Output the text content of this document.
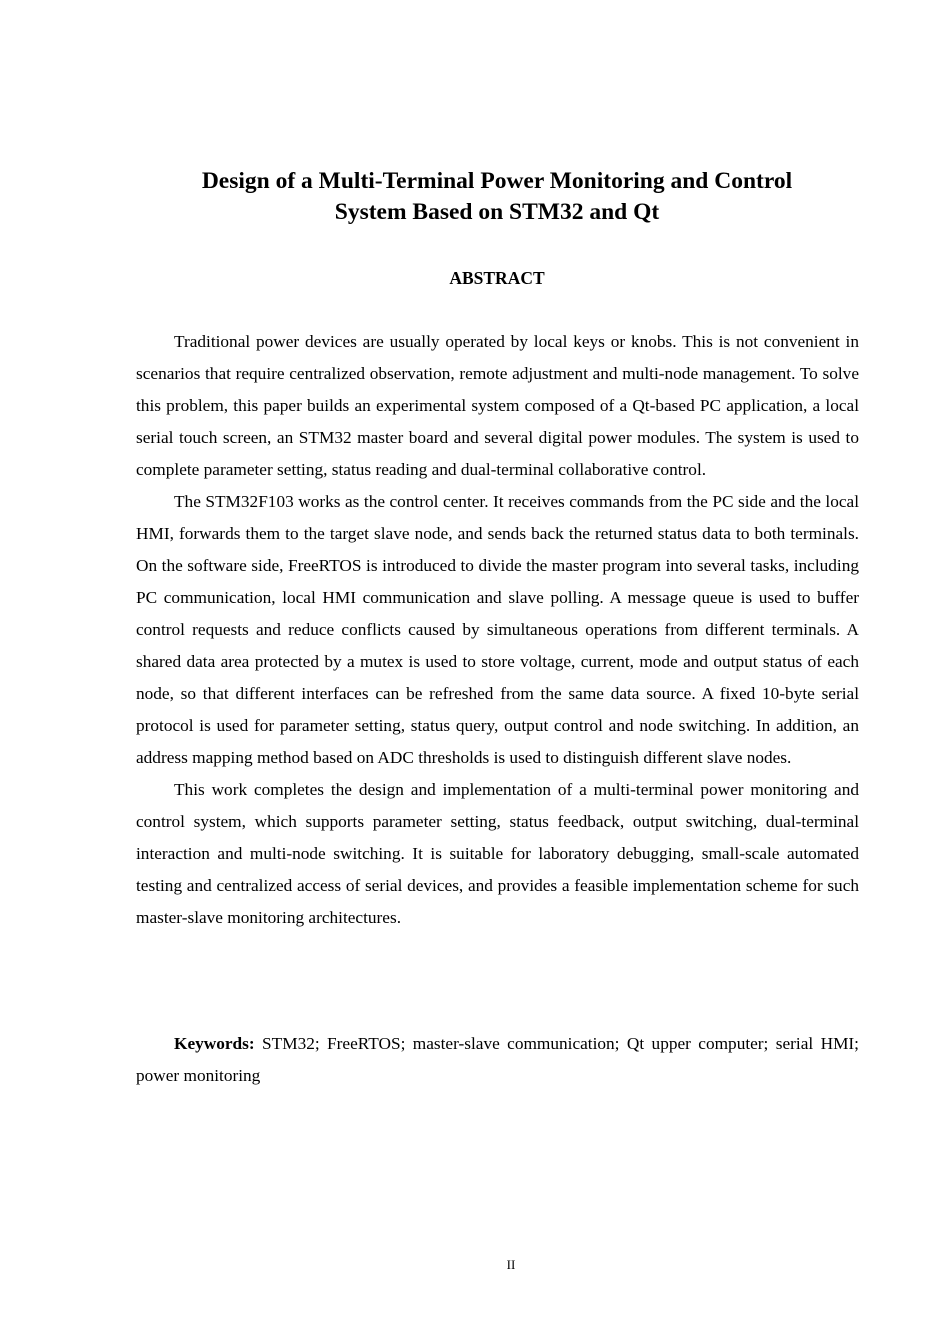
Design of a Multi-Terminal Power Monitoring and Control
System Based on STM32 and Qt
ABSTRACT

Traditional power devices are usually operated by local keys or knobs. This is not convenient in scenarios that require centralized observation, remote adjustment and multi-node management. To solve this problem, this paper builds an experimental system composed of a Qt-based PC application, a local serial touch screen, an STM32 master board and several digital power modules. The system is used to complete parameter setting, status reading and dual-terminal collaborative control.

The STM32F103 works as the control center. It receives commands from the PC side and the local HMI, forwards them to the target slave node, and sends back the returned status data to both terminals. On the software side, FreeRTOS is introduced to divide the master program into several tasks, including PC communication, local HMI communication and slave polling. A message queue is used to buffer control requests and reduce conflicts caused by simultaneous operations from different terminals. A shared data area protected by a mutex is used to store voltage, current, mode and output status of each node, so that different interfaces can be refreshed from the same data source. A fixed 10-byte serial protocol is used for parameter setting, status query, output control and node switching. In addition, an address mapping method based on ADC thresholds is used to distinguish different slave nodes.

This work completes the design and implementation of a multi-terminal power monitoring and control system, which supports parameter setting, status feedback, output switching, dual-terminal interaction and multi-node switching. It is suitable for laboratory debugging, small-scale automated testing and centralized access of serial devices, and provides a feasible implementation scheme for such master-slave monitoring architectures.

Keywords: STM32; FreeRTOS; master-slave communication; Qt upper computer; serial HMI; power monitoring

II
